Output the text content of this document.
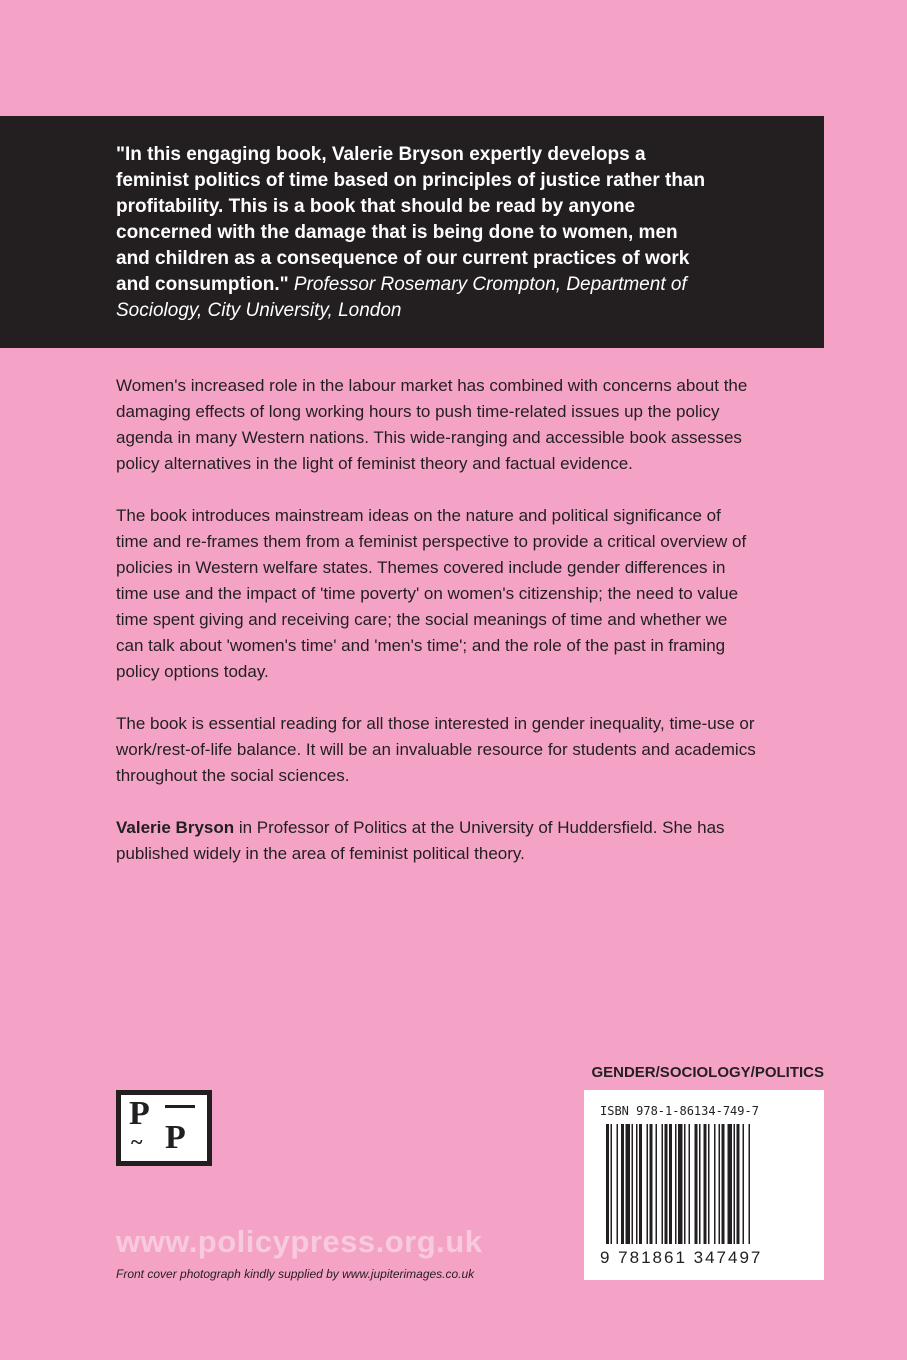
"In this engaging book, Valerie Bryson expertly develops a feminist politics of time based on principles of justice rather than profitability. This is a book that should be read by anyone concerned with the damage that is being done to women, men and children as a consequence of our current practices of work and consumption." Professor Rosemary Crompton, Department of Sociology, City University, London

Women's increased role in the labour market has combined with concerns about the damaging effects of long working hours to push time-related issues up the policy agenda in many Western nations. This wide-ranging and accessible book assesses policy alternatives in the light of feminist theory and factual evidence.

The book introduces mainstream ideas on the nature and political significance of time and re-frames them from a feminist perspective to provide a critical overview of policies in Western welfare states. Themes covered include gender differences in time use and the impact of 'time poverty' on women's citizenship; the need to value time spent giving and receiving care; the social meanings of time and whether we can talk about 'women's time' and 'men's time'; and the role of the past in framing policy options today.

The book is essential reading for all those interested in gender inequality, time-use or work/rest-of-life balance. It will be an invaluable resource for students and academics throughout the social sciences.

Valerie Bryson in Professor of Politics at the University of Huddersfield. She has published widely in the area of feminist political theory.

P
~ P
GENDER/SOCIOLOGY/POLITICS
ISBN 978-1-86134-749-7
9 781861 347497
www.policypress.org.uk
Front cover photograph kindly supplied by www.jupiterimages.co.uk
